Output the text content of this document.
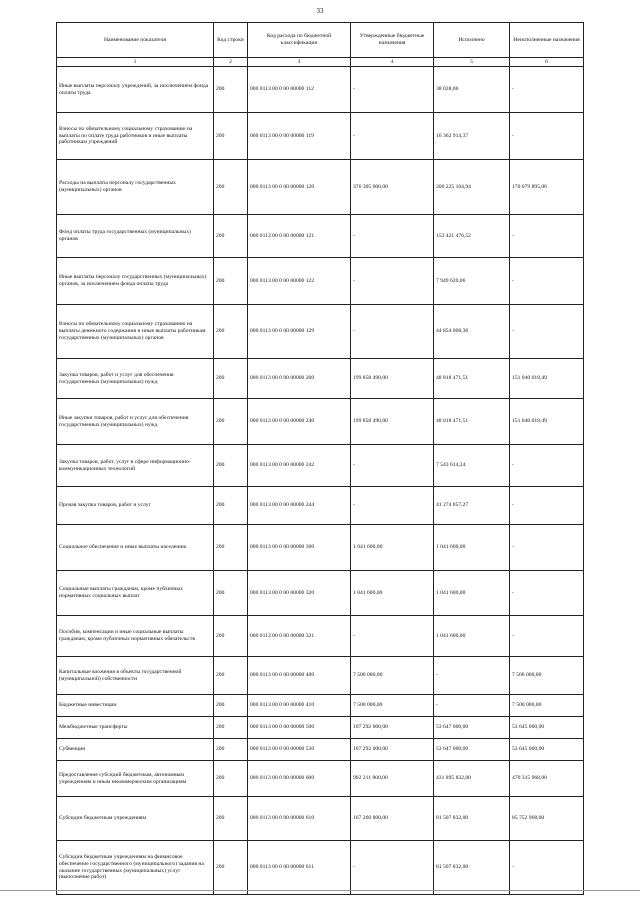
33
Наименование показателя	Код строки	Код расхода по бюджетной классификации	Утвержденные бюджетные назначения	Исполнено	Неисполненные назначения
1	2	3	4	5	6
Иные выплаты персоналу учреждений, за исключением фонда оплаты труда	200	000 0113 00 0 00 00000 112	-	38 038,06	-
Взносы по обязательному социальному страхованию на выплаты по оплате труда работников и иные выплаты работникам учреждений	200	000 0113 00 0 00 00000 119	-	16 362 914,37	-
Расходы на выплаты персоналу государственных (муниципальных) органов	200	000 0113 00 0 00 00000 120	376 305 000,00	206 225 104,94	170 079 895,06
Фонд оплаты труда государственных (муниципальных) органов	200	000 0113 00 0 00 00000 121	-	153 421 476,52	-
Иные выплаты персоналу государственных (муниципальных) органов, за исключением фонда оплаты труда	200	000 0113 00 0 00 00000 122	-	7 949 620,06	-
Взносы по обязательному социальному страхованию на выплаты денежного содержания и иные выплаты работникам государственных (муниципальных) органов	200	000 0113 00 0 00 00000 129	-	44 854 008,36	-
Закупка товаров, работ и услуг для обеспечения государственных (муниципальных) нужд	200	000 0113 00 0 00 00000 200	199 858 490,00	48 818 471,51	151 040 018,49
Иные закупки товаров, работ и услуг для обеспечения государственных (муниципальных) нужд	200	000 0113 00 0 00 00000 240	199 858 490,00	48 818 471,51	151 040 018,49
Закупка товаров, работ, услуг в сфере информационно-коммуникационных технологий	200	000 0113 00 0 00 00000 242	-	7 543 614,24	-
Прочая закупка товаров, работ и услуг	200	000 0113 00 0 00 00000 244	-	41 274 857,27	-
Социальное обеспечение и иные выплаты населению	200	000 0113 00 0 00 00000 300	1 041 600,00	1 041 600,00	-
Социальные выплаты гражданам, кроме публичных нормативных социальных выплат	200	000 0113 00 0 00 00000 320	1 041 600,00	1 041 600,00	-
Пособия, компенсации и иные социальные выплаты гражданам, кроме публичных нормативных обязательств	200	000 0113 00 0 00 00000 321	-	1 041 600,00	-
Капитальные вложения в объекты государственной (муниципальной) собственности	200	000 0113 00 0 00 00000 400	7 500 000,00	-	7 500 000,00
Бюджетные инвестиции	200	000 0113 00 0 00 00000 410	7 500 000,00	-	7 500 000,00
Межбюджетные трансферты	200	000 0113 00 0 00 00000 500	107 292 000,00	53 647 000,00	53 645 000,00
Субвенции	200	000 0113 00 0 00 00000 530	107 292 000,00	53 647 000,00	53 645 000,00
Предоставление субсидий бюджетным, автономным учреждениям и иным некоммерческим организациям	200	000 0113 00 0 00 00000 600	902 211 800,00	431 895 832,00	470 315 968,00
Субсидии бюджетным учреждениям	200	000 0113 00 0 00 00000 610	167 260 800,00	81 507 832,00	85 752 968,00
Субсидии бюджетным учреждениям на финансовое обеспечение государственного (муниципального) задания на оказание государственных (муниципальных) услуг (выполнение работ)	200	000 0113 00 0 00 00000 611	-	81 507 832,00	-
